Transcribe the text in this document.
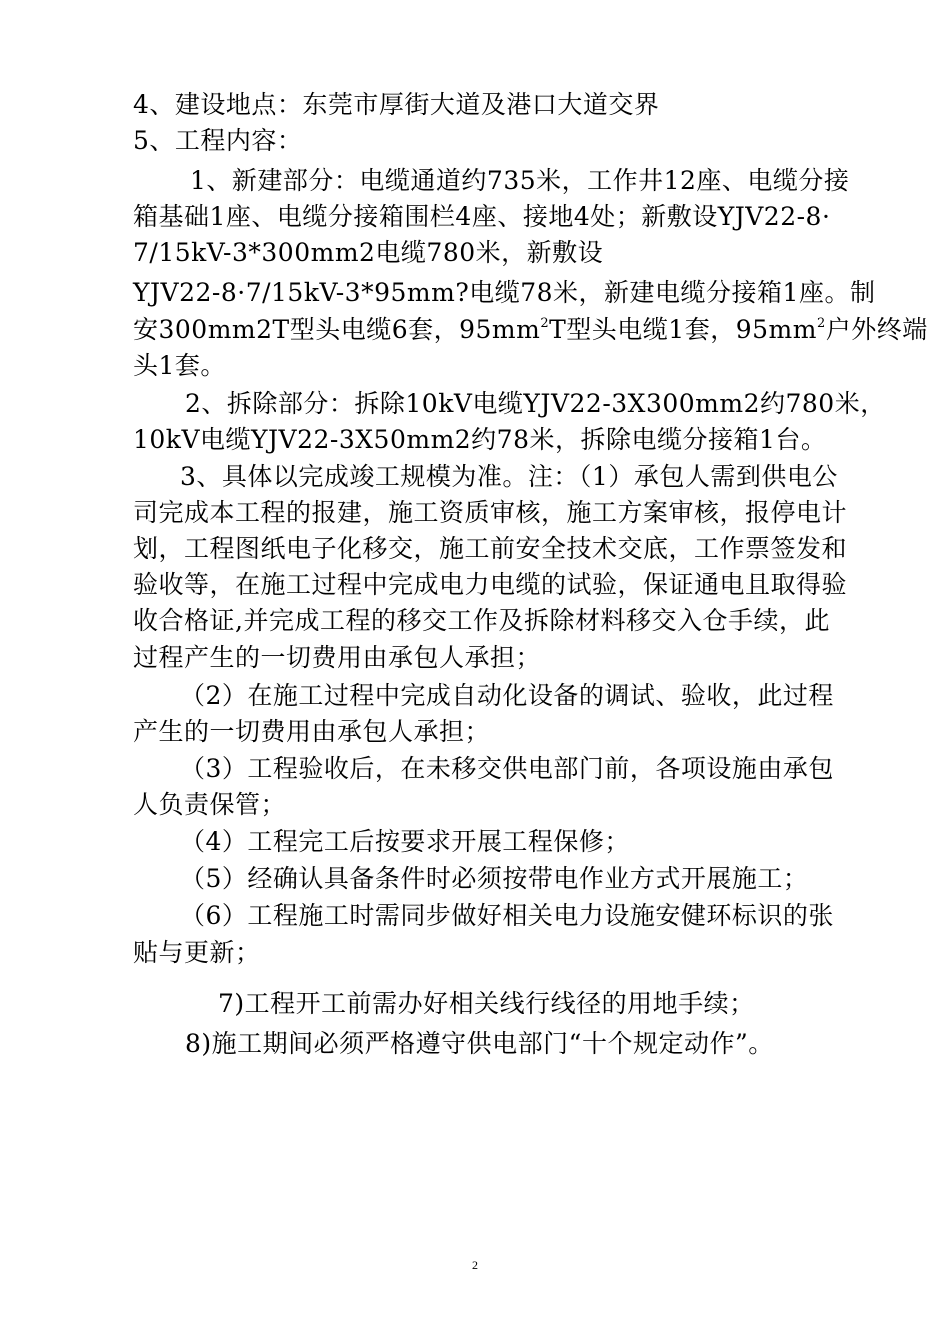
4、建设地点：东莞市厚街大道及港口大道交界
5、工程内容：
1、新建部分：电缆通道约735米，工作井12座、电缆分接
箱基础1座、电缆分接箱围栏4座、接地4处；新敷设YJV22-8·
7/15kV-3*300mm2电缆780米，新敷设
YJV22-8·7/15kV-3*95mm?电缆78米，新建电缆分接箱1座。制
安300mm2T型头电缆6套，$95mm^2T$型头电缆1套，$95mm^2$户外终端
头1套。
2、拆除部分：拆除10kV电缆YJV22-3X300mm2约780米，
10kV电缆YJV22-3X50mm2约78米，拆除电缆分接箱1台。
3、具体以完成竣工规模为准。注：（1）承包人需到供电公
司完成本工程的报建，施工资质审核，施工方案审核，报停电计
划，工程图纸电子化移交，施工前安全技术交底，工作票签发和
验收等，在施工过程中完成电力电缆的试验，保证通电且取得验
收合格证,并完成工程的移交工作及拆除材料移交入仓手续，此
过程产生的一切费用由承包人承担；
（2）在施工过程中完成自动化设备的调试、验收，此过程
产生的一切费用由承包人承担；
（3）工程验收后，在未移交供电部门前，各项设施由承包
人负责保管；
（4）工程完工后按要求开展工程保修；
（5）经确认具备条件时必须按带电作业方式开展施工；
（6）工程施工时需同步做好相关电力设施安健环标识的张
贴与更新；
7)工程开工前需办好相关线行线径的用地手续；
8)施工期间必须严格遵守供电部门“十个规定动作”。
2
